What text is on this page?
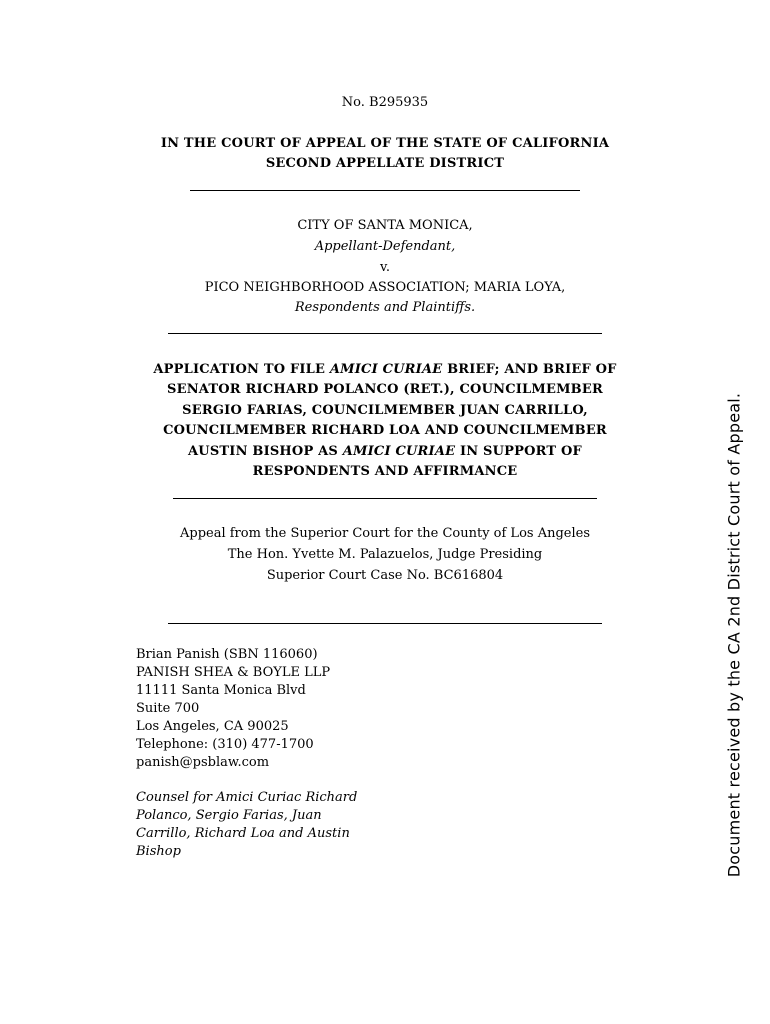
No. B295935
IN THE COURT OF APPEAL OF THE STATE OF CALIFORNIA
SECOND APPELLATE DISTRICT
CITY OF SANTA MONICA,
Appellant-Defendant,
v.
PICO NEIGHBORHOOD ASSOCIATION; MARIA LOYA,
Respondents and Plaintiffs.
APPLICATION TO FILE AMICI CURIAE BRIEF; AND BRIEF OF
SENATOR RICHARD POLANCO (RET.), COUNCILMEMBER
SERGIO FARIAS, COUNCILMEMBER JUAN CARRILLO,
COUNCILMEMBER RICHARD LOA AND COUNCILMEMBER
AUSTIN BISHOP AS AMICI CURIAE IN SUPPORT OF
RESPONDENTS AND AFFIRMANCE
Appeal from the Superior Court for the County of Los Angeles
The Hon. Yvette M. Palazuelos, Judge Presiding
Superior Court Case No. BC616804
Brian Panish (SBN 116060)
PANISH SHEA & BOYLE LLP
11111 Santa Monica Blvd
Suite 700
Los Angeles, CA 90025
Telephone: (310) 477-1700
panish@psblaw.com
Counsel for Amici Curiac Richard
Polanco, Sergio Farias, Juan
Carrillo, Richard Loa and Austin
Bishop	Document received by the CA 2nd District Court of Appeal.
